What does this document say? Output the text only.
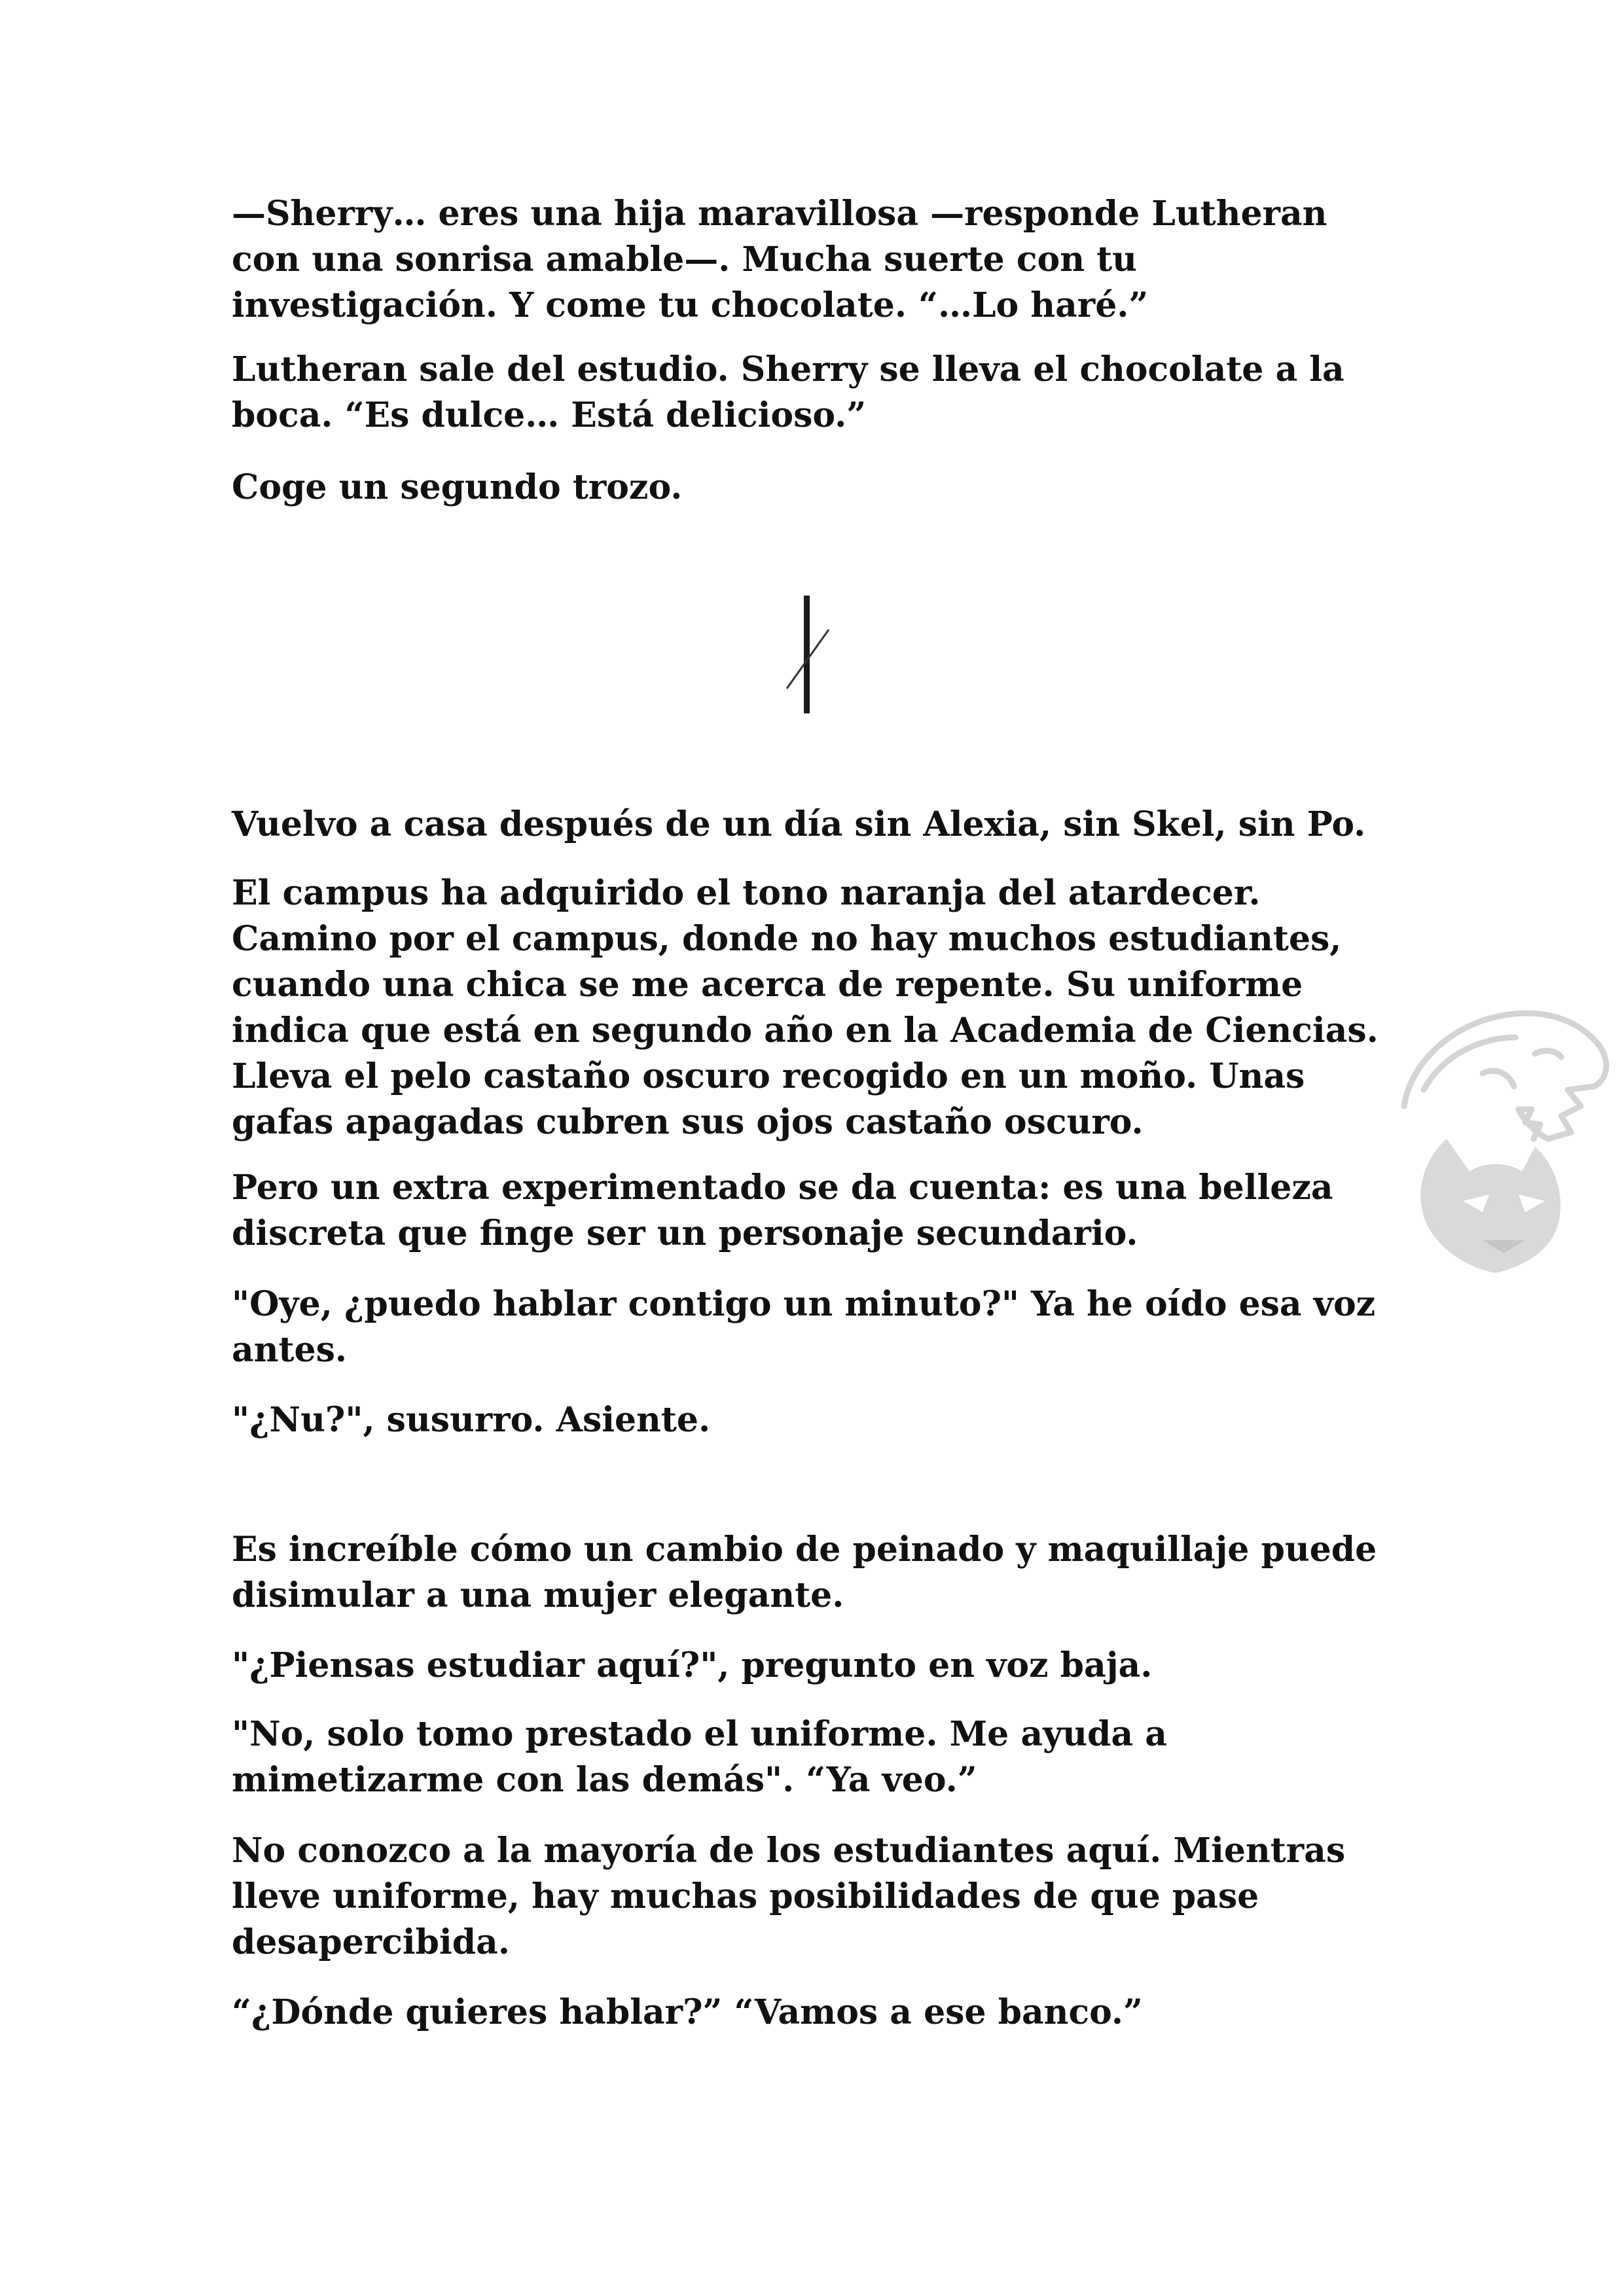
—Sherry… eres una hija maravillosa —responde Lutheran
con una sonrisa amable—. Mucha suerte con tu
investigación. Y come tu chocolate. “…Lo haré.”

Lutheran sale del estudio. Sherry se lleva el chocolate a la
boca. “Es dulce… Está delicioso.”

Coge un segundo trozo.

Vuelvo a casa después de un día sin Alexia, sin Skel, sin Po.

El campus ha adquirido el tono naranja del atardecer.
Camino por el campus, donde no hay muchos estudiantes,
cuando una chica se me acerca de repente. Su uniforme
indica que está en segundo año en la Academia de Ciencias.
Lleva el pelo castaño oscuro recogido en un moño. Unas
gafas apagadas cubren sus ojos castaño oscuro.

Pero un extra experimentado se da cuenta: es una belleza
discreta que finge ser un personaje secundario.

"Oye, ¿puedo hablar contigo un minuto?" Ya he oído esa voz
antes.

"¿Nu?", susurro. Asiente.

Es increíble cómo un cambio de peinado y maquillaje puede
disimular a una mujer elegante.

"¿Piensas estudiar aquí?", pregunto en voz baja.

"No, solo tomo prestado el uniforme. Me ayuda a
mimetizarme con las demás". “Ya veo.”

No conozco a la mayoría de los estudiantes aquí. Mientras
lleve uniforme, hay muchas posibilidades de que pase
desapercibida.

“¿Dónde quieres hablar?” “Vamos a ese banco.”
